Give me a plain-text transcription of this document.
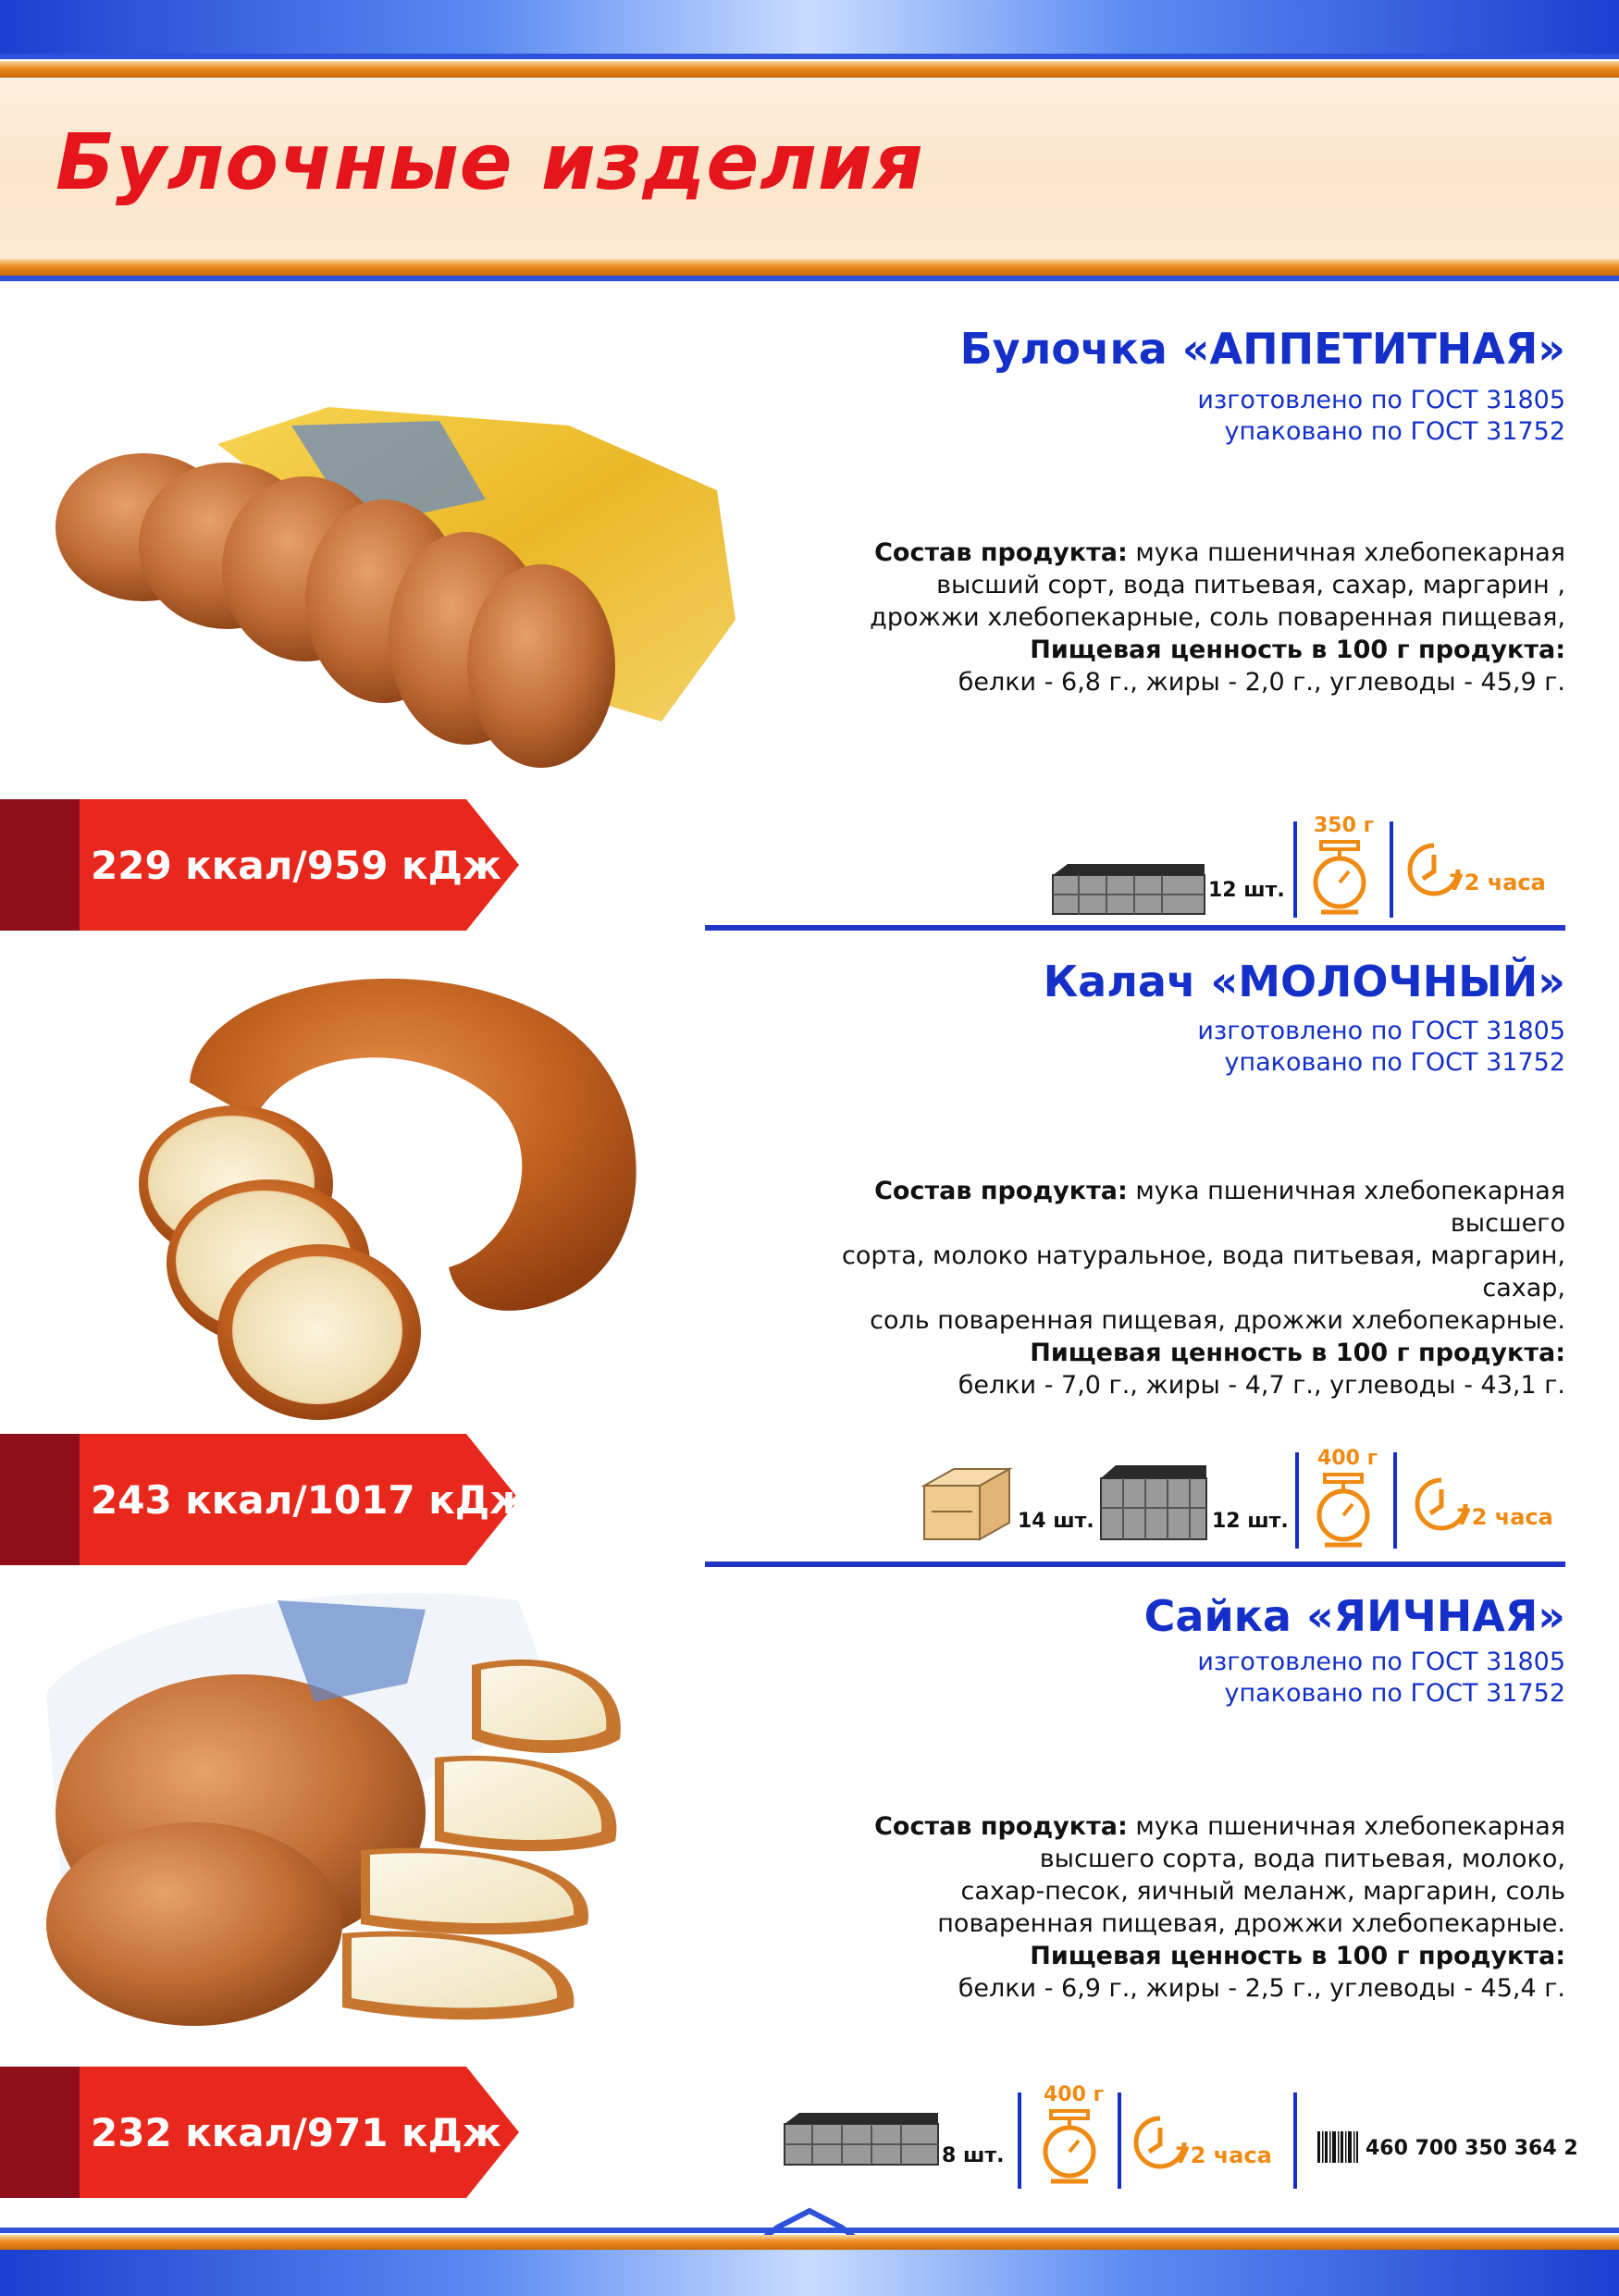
Булочные изделия
Булочка «АППЕТИТНАЯ»
изготовлено по ГОСТ 31805
упаковано по ГОСТ 31752
Состав продукта: мука пшеничная хлебопекарная
высший сорт, вода питьевая, сахар, маргарин ,
дрожжи хлебопекарные, соль поваренная пищевая,
Пищевая ценность в 100 г продукта:
белки - 6,8 г., жиры - 2,0 г., углеводы - 45,9 г.
229 ккал/959 кДж
12 шт.
350 г
72 часа
Калач «МОЛОЧНЫЙ»
изготовлено по ГОСТ 31805
упаковано по ГОСТ 31752
Состав продукта: мука пшеничная хлебопекарная высшего
сорта, молоко натуральное, вода питьевая, маргарин, сахар,
соль поваренная пищевая, дрожжи хлебопекарные.
Пищевая ценность в 100 г продукта:
белки - 7,0 г., жиры - 4,7 г., углеводы - 43,1 г.
243 ккал/1017 кДж	14 шт.	12 шт.
400 г
72 часа
Сайка «ЯИЧНАЯ»
изготовлено по ГОСТ 31805
упаковано по ГОСТ 31752
Состав продукта: мука пшеничная хлебопекарная
высшего сорта, вода питьевая, молоко,
сахар-песок, яичный меланж, маргарин, соль
поваренная пищевая, дрожжи хлебопекарные.
Пищевая ценность в 100 г продукта:
белки - 6,9 г., жиры - 2,5 г., углеводы - 45,4 г.
232 ккал/971 кДж
8 шт.
400 г
72 часа	460 700 350 364 2
